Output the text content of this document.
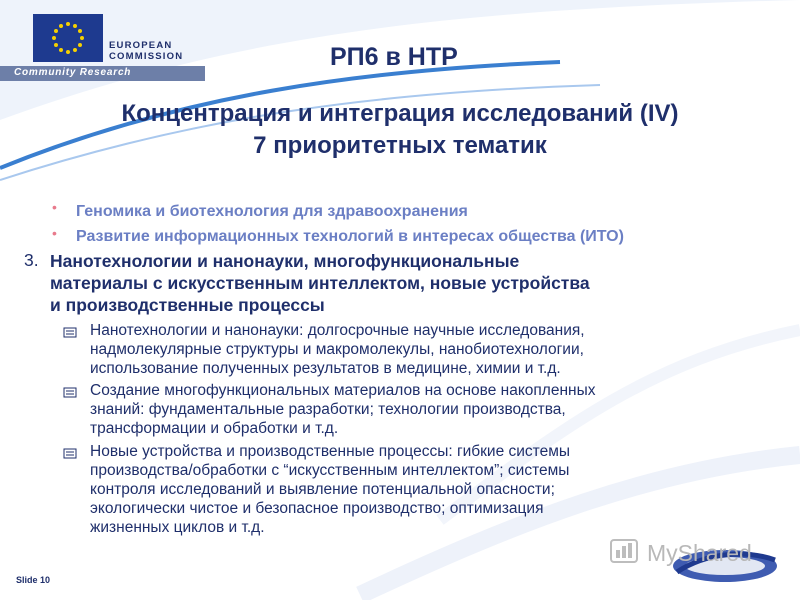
EUROPEAN
COMMISSION
Community Research
РП6 в НТР
Концентрация и интеграция исследований (IV)
7 приоритетных тематик
• Геномика и биотехнология для здравоохранения
• Развитие информационных технологий в интересах общества (ИТО)
3. Нанотехнологии и нанонауки, многофункциональные
материалы с искусственным интеллектом, новые устройства
и производственные процессы
Нанотехнологии и нанонауки: долгосрочные научные исследования,
надмолекулярные структуры и макромолекулы, нанобиотехнологии,
использование полученных результатов в медицине, химии и т.д.
Создание многофункциональных материалов на основе накопленных
знаний: фундаментальные разработки; технологии производства,
трансформации и обработки и т.д.
Новые устройства и производственные процессы: гибкие системы
производства/обработки с “искусственным интеллектом”; системы
контроля исследований и выявление потенциальной опасности;
экологически чистое и безопасное производство; оптимизация
жизненных циклов и т.д.
Slide 10
MyShared
